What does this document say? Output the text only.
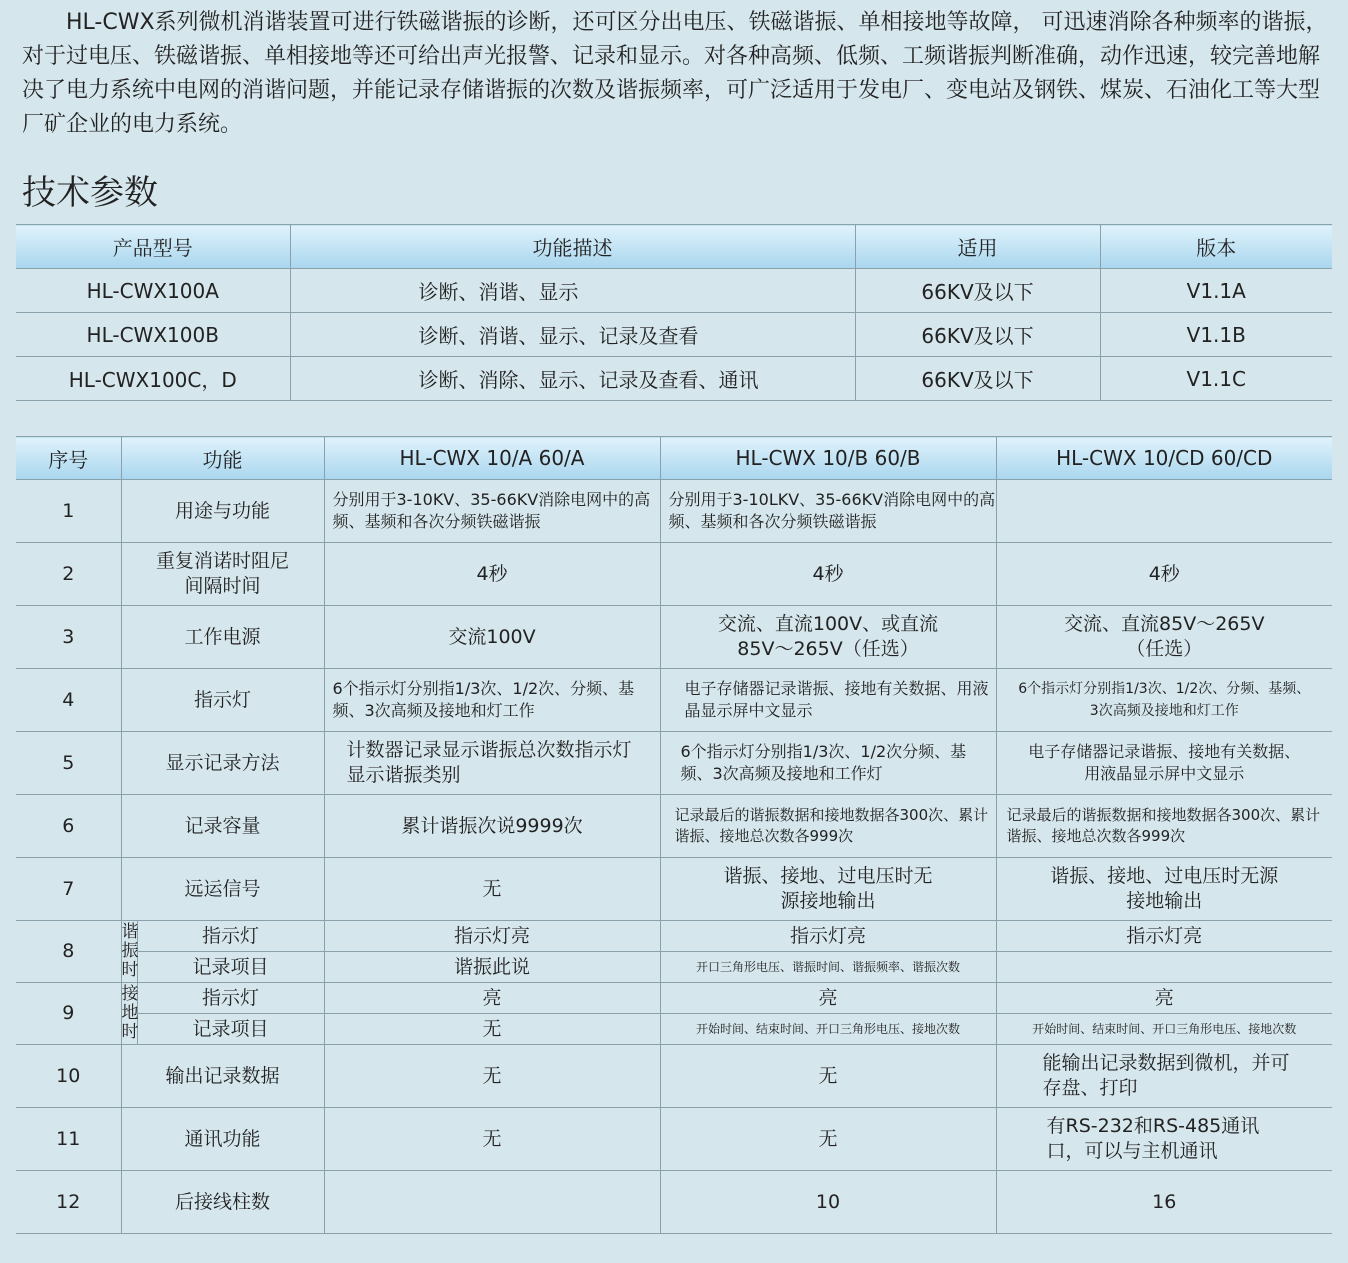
HL-CWX系列微机消谐装置可进行铁磁谐振的诊断，还可区分出电压、铁磁谐振、单相接地等故障， 可迅速消除各种频率的谐振，对于过电压、铁磁谐振、单相接地等还可给出声光报警、记录和显示。对各种高频、低频、工频谐振判断准确，动作迅速，较完善地解决了电力系统中电网的消谐问题，并能记录存储谐振的次数及谐振频率，可广泛适用于发电厂、变电站及钢铁、煤炭、石油化工等大型厂矿企业的电力系统。

技术参数
产品型号	功能描述	适用	版本
HL-CWX100A	诊断、消谐、显示	66KV及以下	V1.1A
HL-CWX100B	诊断、消谐、显示、记录及查看	66KV及以下	V1.1B
HL-CWX100C，D	诊断、消除、显示、记录及查看、通讯	66KV及以下	V1.1C
序号	功能		HL-CWX 10/A 60/A	HL-CWX 10/B 60/B	HL-CWX 10/CD 60/CD
1	用途与功能		分别用于3-10KV、35-66KV消除电网中的高频、基频和各次分频铁磁谐振	分别用于3-10LKV、35-66KV消除电网中的高频、基频和各次分频铁磁谐振	
2	重复消诺时阻尼间隔时间		4秒	4秒	4秒
3	工作电源		交流100V	交流、直流100V、或直流85V～265V（任选）	交流、直流85V～265V（任选）
4	指示灯		6个指示灯分别指1/3次、1/2次、分频、基频、3次高频及接地和灯工作	电子存储器记录谐振、接地有关数据、用液晶显示屏中文显示	6个指示灯分别指1/3次、1/2次、分频、基频、3次高频及接地和灯工作
5	显示记录方法		计数器记录显示谐振总次数指示灯显示谐振类别	6个指示灯分别指1/3次、1/2次分频、基频、3次高频及接地和工作灯	电子存储器记录谐振、接地有关数据、用液晶显示屏中文显示
6	记录容量		累计谐振次说9999次	记录最后的谐振数据和接地数据各300次、累计谐振、接地总次数各999次	记录最后的谐振数据和接地数据各300次、累计谐振、接地总次数各999次
7	远运信号		无	谐振、接地、过电压时无源接地输出	谐振、接地、过电压时无源接地输出
8	谐振时	指示灯	指示灯亮	指示灯亮	指示灯亮
		记录项目	谐振此说	开口三角形电压、谐振时间、谐振频率、谐振次数	
9	接地时	指示灯	亮	亮	亮
		记录项目	无	开始时间、结束时间、开口三角形电压、接地次数	开始时间、结束时间、开口三角形电压、接地次数
10	输出记录数据		无	无	能输出记录数据到微机，并可存盘、打印
11	通讯功能		无	无	有RS-232和RS-485通讯口，可以与主机通讯
12	后接线柱数			10	16
